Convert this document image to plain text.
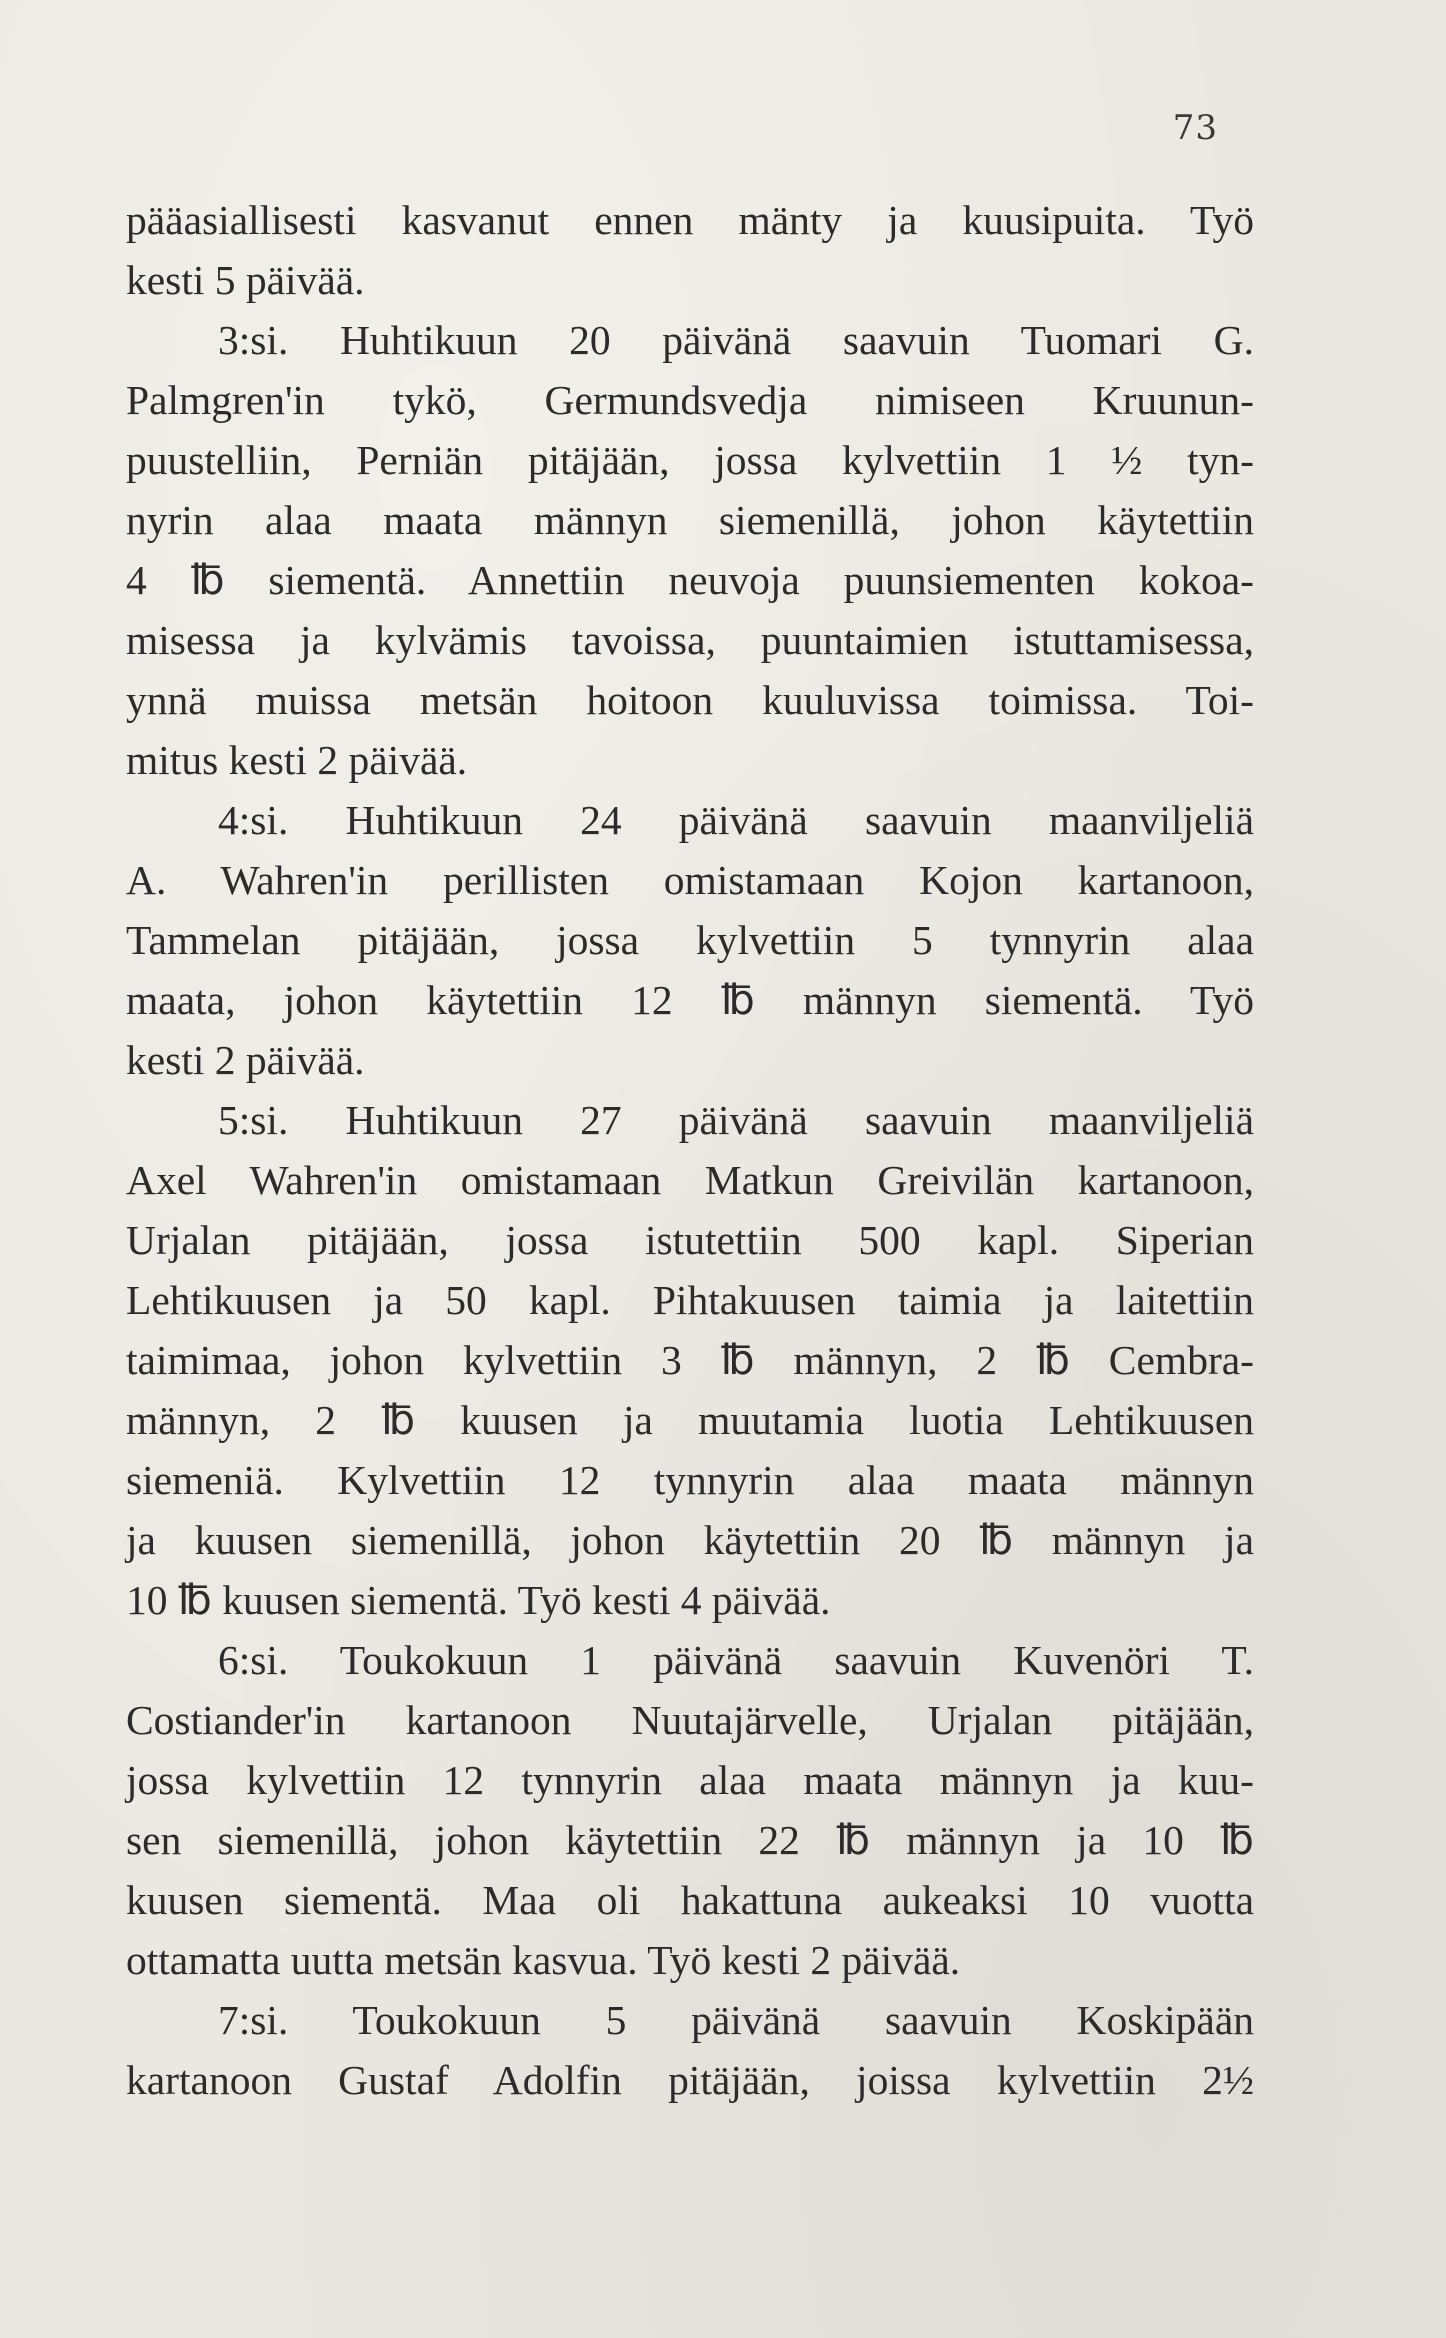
73
pääasiallisesti kasvanut ennen mänty ja kuusipuita. Työ
kesti 5 päivää.
3:si. Huhtikuun 20 päivänä saavuin Tuomari G.
Palmgren'in tykö, Germundsvedja nimiseen Kruunun-
puustelliin, Perniän pitäjään, jossa kylvettiin 1 ½ tyn-
nyrin alaa maata männyn siemenillä, johon käytettiin
4 ℔ siementä. Annettiin neuvoja puunsiementen kokoa-
misessa ja kylvämis tavoissa, puuntaimien istuttamisessa,
ynnä muissa metsän hoitoon kuuluvissa toimissa. Toi-
mitus kesti 2 päivää.
4:si. Huhtikuun 24 päivänä saavuin maanviljeliä
A. Wahren'in perillisten omistamaan Kojon kartanoon,
Tammelan pitäjään, jossa kylvettiin 5 tynnyrin alaa
maata, johon käytettiin 12 ℔ männyn siementä. Työ
kesti 2 päivää.
5:si. Huhtikuun 27 päivänä saavuin maanviljeliä
Axel Wahren'in omistamaan Matkun Greivilän kartanoon,
Urjalan pitäjään, jossa istutettiin 500 kapl. Siperian
Lehtikuusen ja 50 kapl. Pihtakuusen taimia ja laitettiin
taimimaa, johon kylvettiin 3 ℔ männyn, 2 ℔ Cembra-
männyn, 2 ℔ kuusen ja muutamia luotia Lehtikuusen
siemeniä. Kylvettiin 12 tynnyrin alaa maata männyn
ja kuusen siemenillä, johon käytettiin 20 ℔ männyn ja
10 ℔ kuusen siementä. Työ kesti 4 päivää.
6:si. Toukokuun 1 päivänä saavuin Kuvenöri T.
Costiander'in kartanoon Nuutajärvelle, Urjalan pitäjään,
jossa kylvettiin 12 tynnyrin alaa maata männyn ja kuu-
sen siemenillä, johon käytettiin 22 ℔ männyn ja 10 ℔
kuusen siementä. Maa oli hakattuna aukeaksi 10 vuotta
ottamatta uutta metsän kasvua. Työ kesti 2 päivää.
7:si. Toukokuun 5 päivänä saavuin Koskipään
kartanoon Gustaf Adolfin pitäjään, joissa kylvettiin 2½
